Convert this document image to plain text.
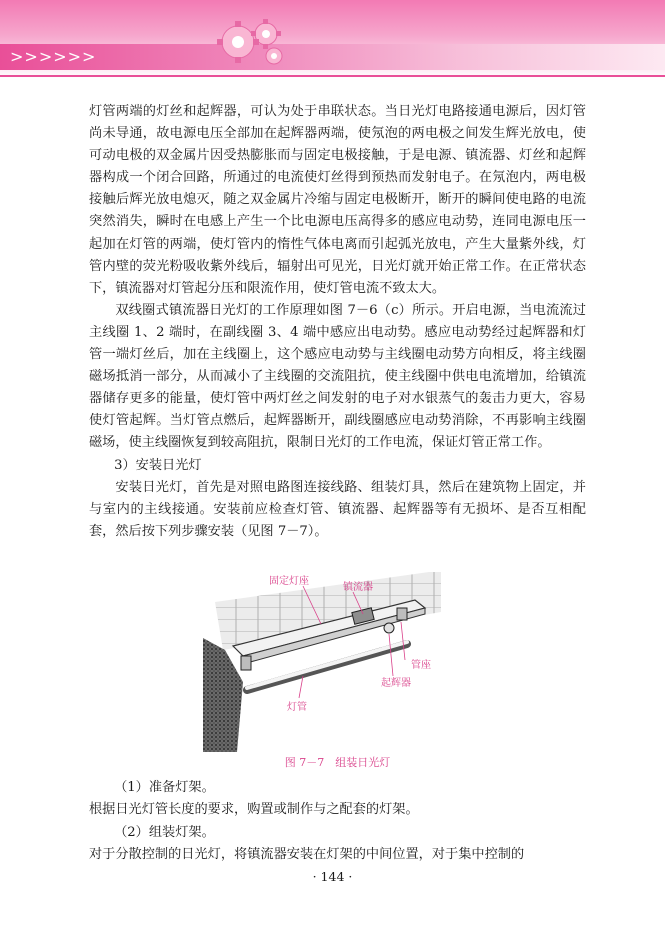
>>>>>>

灯管两端的灯丝和起辉器，可认为处于串联状态。当日光灯电路接通电源后，因灯管尚未导通，故电源电压全部加在起辉器两端，使氖泡的两电极之间发生辉光放电，使可动电极的双金属片因受热膨胀而与固定电极接触，于是电源、镇流器、灯丝和起辉器构成一个闭合回路，所通过的电流使灯丝得到预热而发射电子。在氖泡内，两电极接触后辉光放电熄灭，随之双金属片冷缩与固定电极断开，断开的瞬间使电路的电流突然消失，瞬时在电感上产生一个比电源电压高得多的感应电动势，连同电源电压一起加在灯管的两端，使灯管内的惰性气体电离而引起弧光放电，产生大量紫外线，灯管内壁的荧光粉吸收紫外线后，辐射出可见光，日光灯就开始正常工作。在正常状态下，镇流器对灯管起分压和限流作用，使灯管电流不致太大。

双线圈式镇流器日光灯的工作原理如图 7－6（c）所示。开启电源，当电流流过主线圈 1、2 端时，在副线圈 3、4 端中感应出电动势。感应电动势经过起辉器和灯管一端灯丝后，加在主线圈上，这个感应电动势与主线圈电动势方向相反，将主线圈磁场抵消一部分，从而减小了主线圈的交流阻抗，使主线圈中供电电流增加，给镇流器储存更多的能量，使灯管中两灯丝之间发射的电子对水银蒸气的轰击力更大，容易使灯管起辉。当灯管点燃后，起辉器断开，副线圈感应电动势消除，不再影响主线圈磁场，使主线圈恢复到较高阻抗，限制日光灯的工作电流，保证灯管正常工作。

3）安装日光灯

安装日光灯，首先是对照电路图连接线路、组装灯具，然后在建筑物上固定，并与室内的主线接通。安装前应检查灯管、镇流器、起辉器等有无损坏、是否互相配套，然后按下列步骤安装（见图 7－7）。

固定灯座
镇流器
管座
起辉器
灯管
图 7－7　组装日光灯

（1）准备灯架。

根据日光灯管长度的要求，购置或制作与之配套的灯架。

（2）组装灯架。

对于分散控制的日光灯，将镇流器安装在灯架的中间位置，对于集中控制的

· 144 ·
